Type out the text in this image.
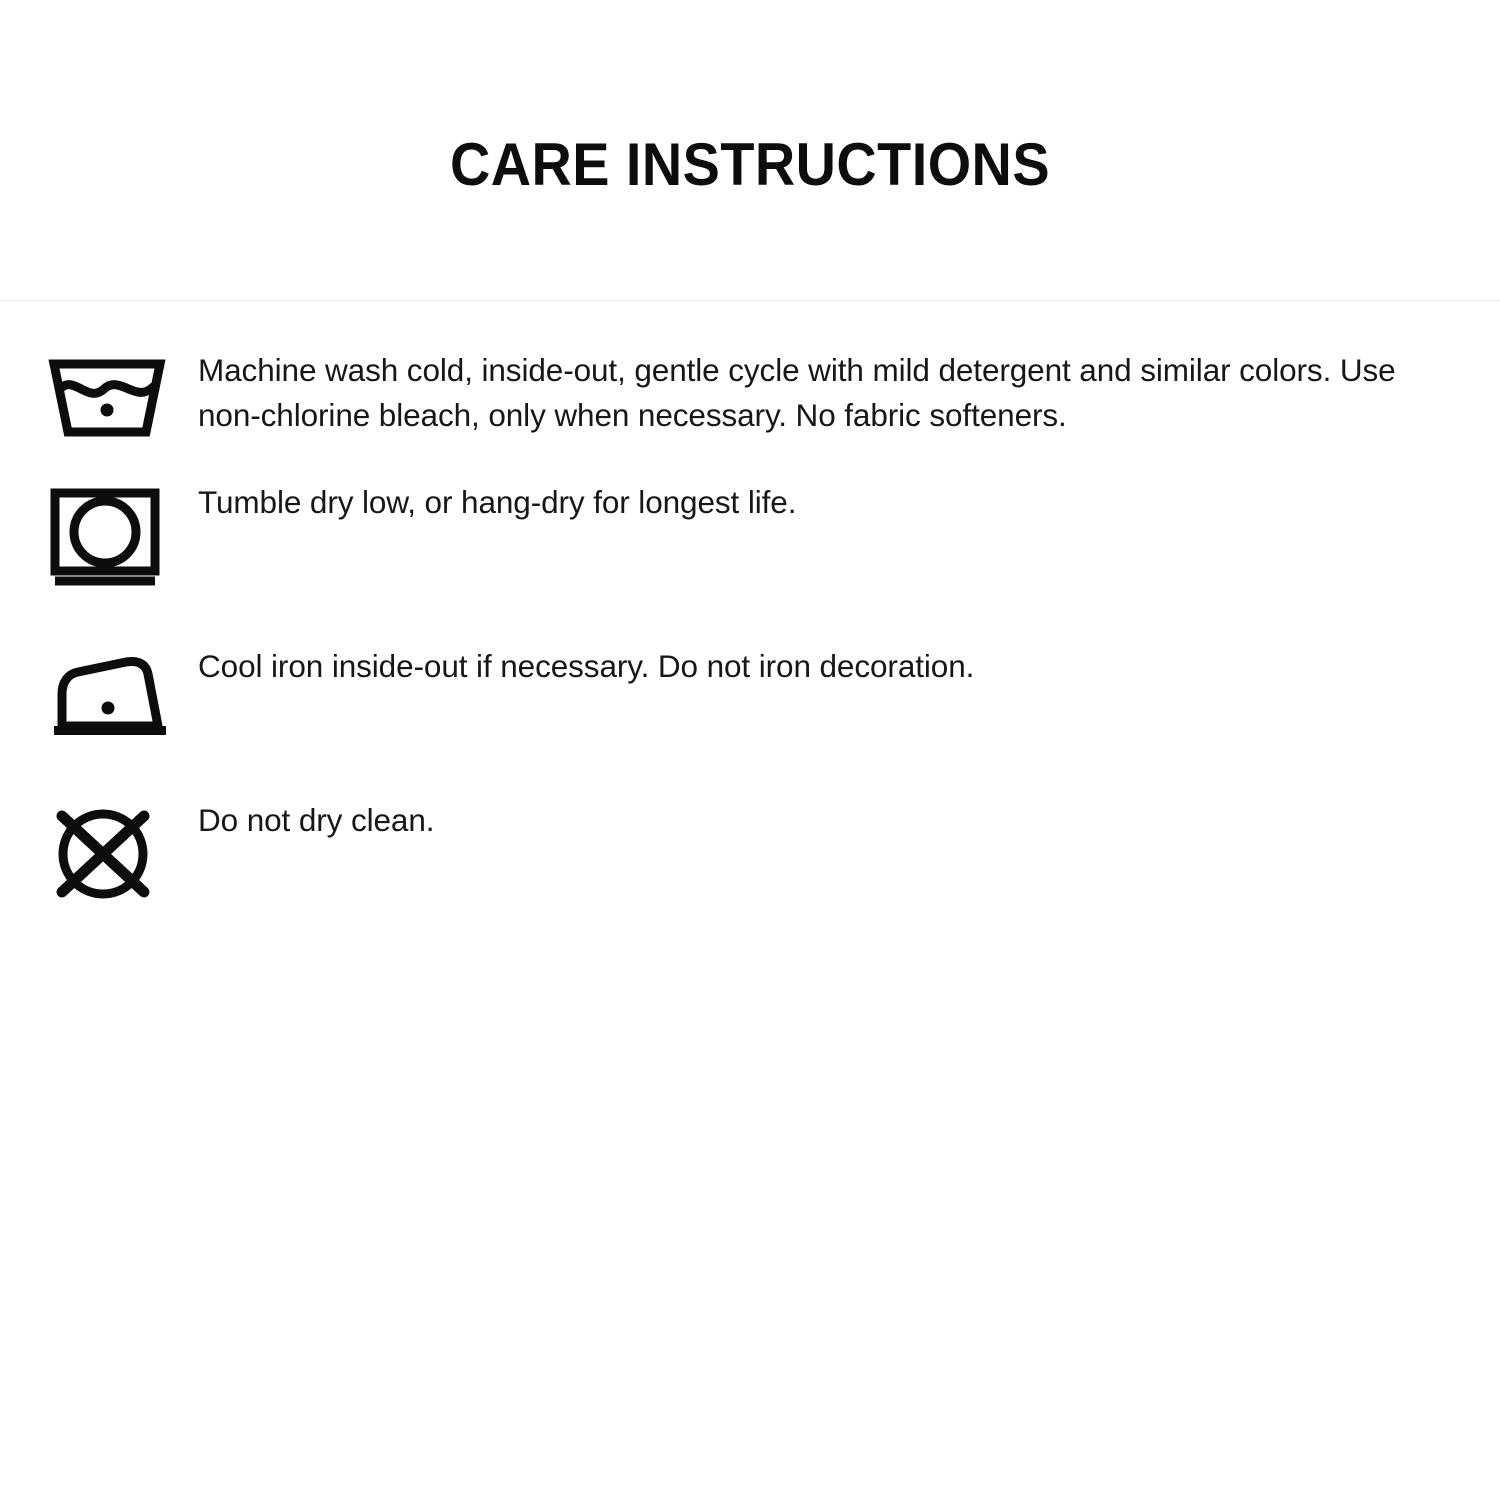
CARE INSTRUCTIONS
Machine wash cold, inside-out, gentle cycle with mild detergent and similar colors. Use non-chlorine bleach, only when necessary. No fabric softeners.
Tumble dry low, or hang-dry for longest life.
Cool iron inside-out if necessary. Do not iron decoration.
Do not dry clean.
